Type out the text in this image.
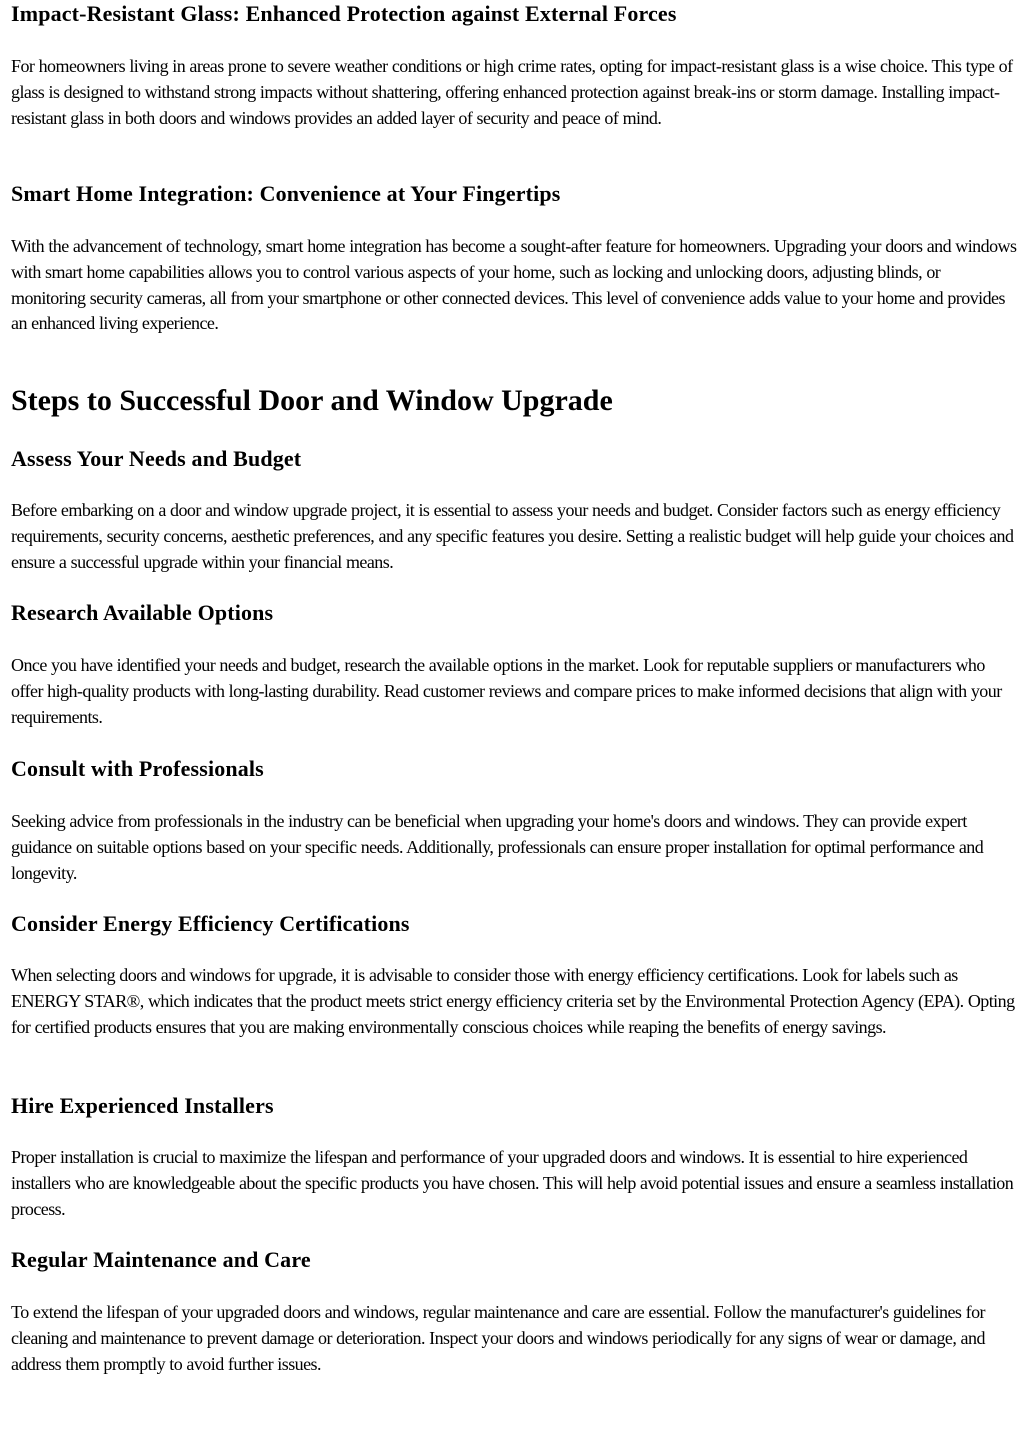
Impact-Resistant Glass: Enhanced Protection against External Forces

For homeowners living in areas prone to severe weather conditions or high crime rates, opting for impact-resistant glass is a wise choice. This type of glass is designed to withstand strong impacts without shattering, offering enhanced protection against break-ins or storm damage. Installing impact-resistant glass in both doors and windows provides an added layer of security and peace of mind.

Smart Home Integration: Convenience at Your Fingertips

With the advancement of technology, smart home integration has become a sought-after feature for homeowners. Upgrading your doors and windows with smart home capabilities allows you to control various aspects of your home, such as locking and unlocking doors, adjusting blinds, or monitoring security cameras, all from your smartphone or other connected devices. This level of convenience adds value to your home and provides an enhanced living experience.

Steps to Successful Door and Window Upgrade
Assess Your Needs and Budget

Before embarking on a door and window upgrade project, it is essential to assess your needs and budget. Consider factors such as energy efficiency requirements, security concerns, aesthetic preferences, and any specific features you desire. Setting a realistic budget will help guide your choices and ensure a successful upgrade within your financial means.

Research Available Options

Once you have identified your needs and budget, research the available options in the market. Look for reputable suppliers or manufacturers who offer high-quality products with long-lasting durability. Read customer reviews and compare prices to make informed decisions that align with your requirements.

Consult with Professionals

Seeking advice from professionals in the industry can be beneficial when upgrading your home's doors and windows. They can provide expert guidance on suitable options based on your specific needs. Additionally, professionals can ensure proper installation for optimal performance and longevity.

Consider Energy Efficiency Certifications

When selecting doors and windows for upgrade, it is advisable to consider those with energy efficiency certifications. Look for labels such as ENERGY STAR®, which indicates that the product meets strict energy efficiency criteria set by the Environmental Protection Agency (EPA). Opting for certified products ensures that you are making environmentally conscious choices while reaping the benefits of energy savings.

Hire Experienced Installers

Proper installation is crucial to maximize the lifespan and performance of your upgraded doors and windows. It is essential to hire experienced installers who are knowledgeable about the specific products you have chosen. This will help avoid potential issues and ensure a seamless installation process.

Regular Maintenance and Care

To extend the lifespan of your upgraded doors and windows, regular maintenance and care are essential. Follow the manufacturer's guidelines for cleaning and maintenance to prevent damage or deterioration. Inspect your doors and windows periodically for any signs of wear or damage, and address them promptly to avoid further issues.
